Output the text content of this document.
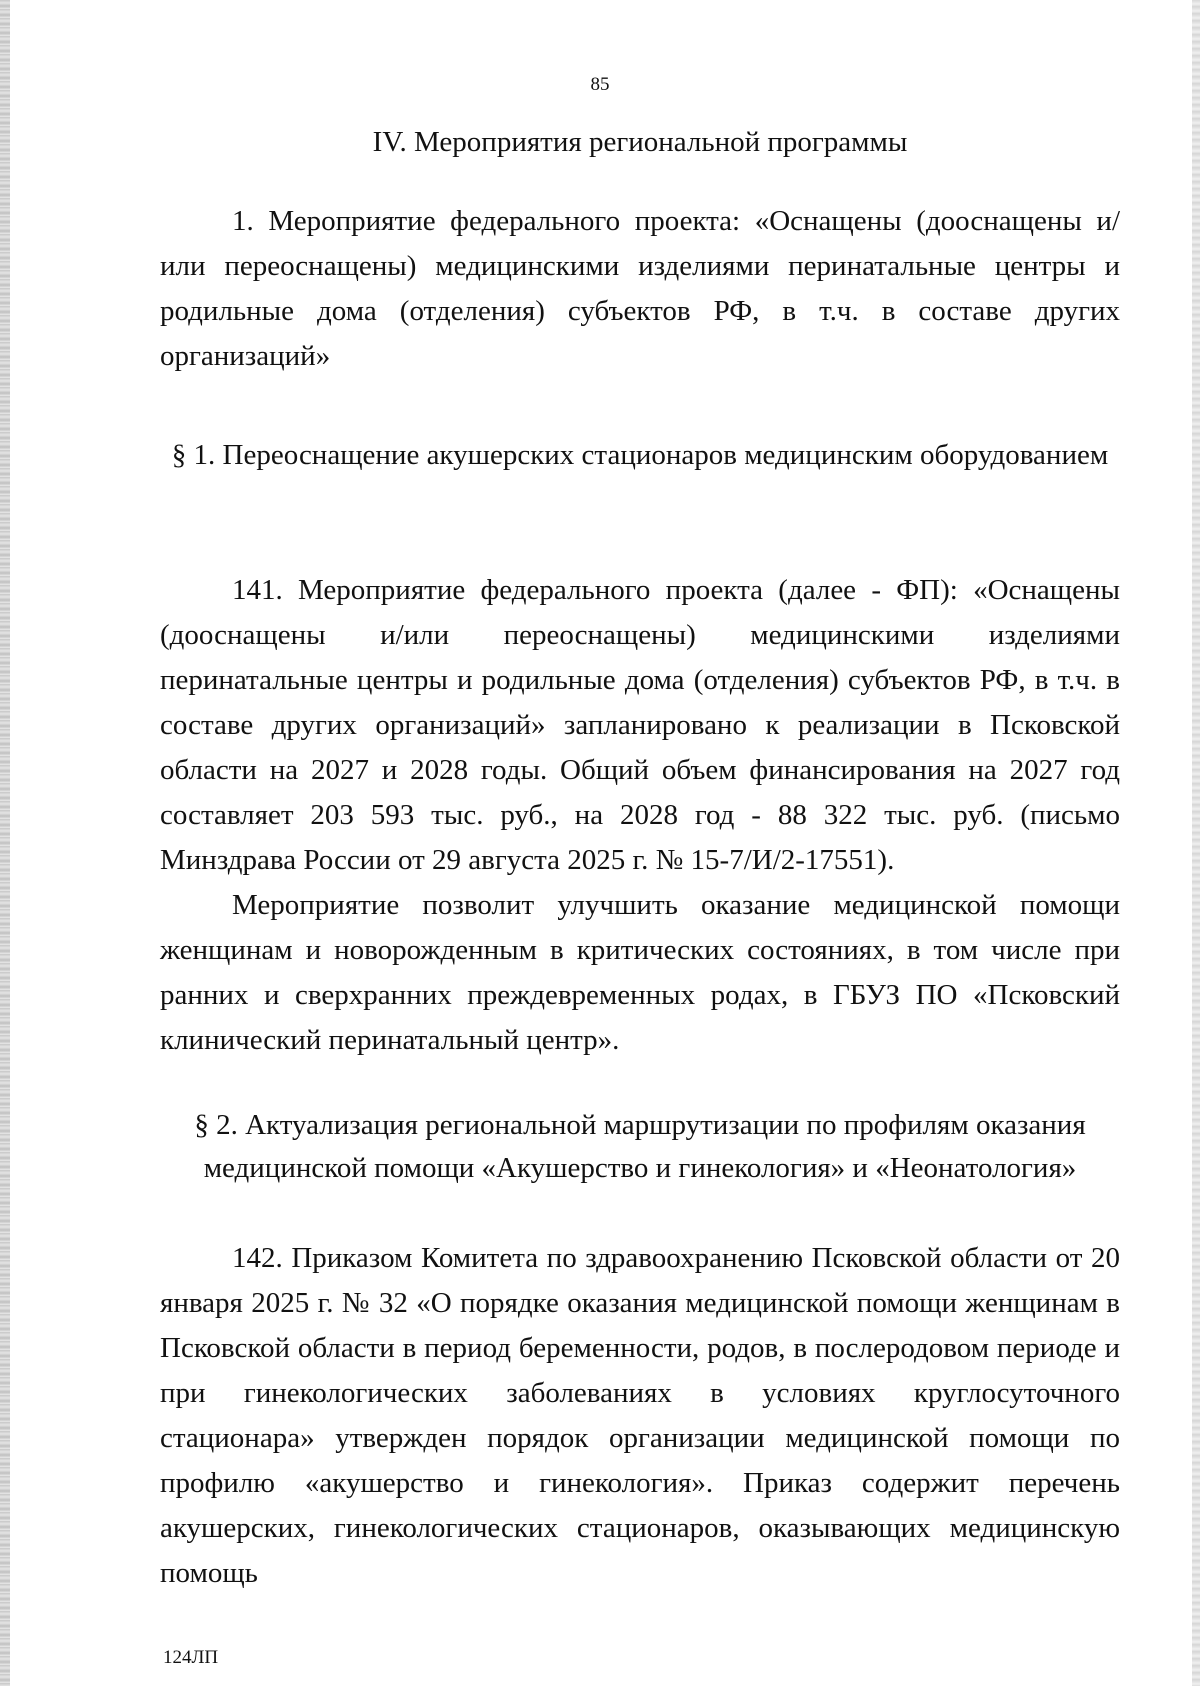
85
IV. Мероприятия региональной программы

1. Мероприятие федерального проекта: «Оснащены (дооснащены и/или переоснащены) медицинскими изделиями перинатальные центры и родильные дома (отделения) субъектов РФ, в т.ч. в составе других организаций»

§ 1. Переоснащение акушерских стационаров медицинским оборудованием

141. Мероприятие федерального проекта (далее - ФП): «Оснащены (дооснащены и/или переоснащены) медицинскими изделиями перинатальные центры и родильные дома (отделения) субъектов РФ, в т.ч. в составе других организаций» запланировано к реализации в Псковской области на 2027 и 2028 годы. Общий объем финансирования на 2027 год составляет 203 593 тыс. руб., на 2028 год - 88 322 тыс. руб. (письмо Минздрава России от 29 августа 2025 г. № 15-7/И/2-17551).

Мероприятие позволит улучшить оказание медицинской помощи женщинам и новорожденным в критических состояниях, в том числе при ранних и сверхранних преждевременных родах, в ГБУЗ ПО «Псковский клинический перинатальный центр».

§ 2. Актуализация региональной маршрутизации по профилям оказания медицинской помощи «Акушерство и гинекология» и «Неонатология»

142. Приказом Комитета по здравоохранению Псковской области от 20 января 2025 г. № 32 «О порядке оказания медицинской помощи женщинам в Псковской области в период беременности, родов, в послеродовом периоде и при гинекологических заболеваниях в условиях круглосуточного стационара» утвержден порядок организации медицинской помощи по профилю «акушерство и гинекология». Приказ содержит перечень акушерских, гинекологических стационаров, оказывающих медицинскую помощь

124ЛП
